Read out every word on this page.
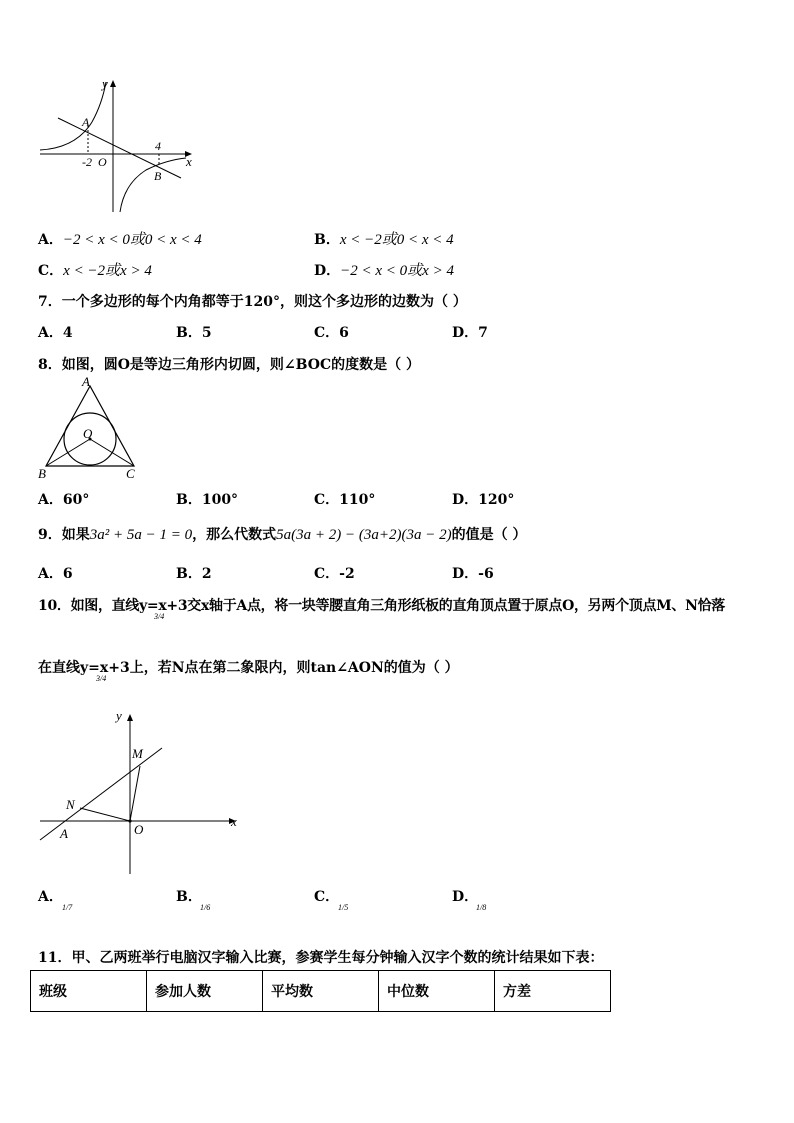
y
x
A
B
O
-2
4
A．−2 < x < 0或0 < x < 4	B．x < −2或0 < x < 4
C．x < −2或x > 4	D．−2 < x < 0或x > 4
7．一个多边形的每个内角都等于120°，则这个多边形的边数为（ ）
A．4	B．5	C．6	D．7
8．如图，圆O是等边三角形内切圆，则∠BOC的度数是（ ）
A
B	C
O
A．60°	B．100°	C．110°	D．120°
9．如果3a² + 5a − 1 = 0，那么代数式5a(3a + 2) − (3a+2)(3a − 2)的值是（ ）
A．6	B．2	C．-2	D．-6
10．如图，直线y=x+3交x轴于A点，将一块等腰直角三角形纸板的直角顶点置于原点O，另两个顶点M、N恰落
3/4
在直线y=x+3上，若N点在第二象限内，则tan∠AON的值为（ ）
3/4
y
x
M
N
A	O
A．
1/7
B．
1/6
C．
1/5
D．
1/8
11．甲、乙两班举行电脑汉字输入比赛，参赛学生每分钟输入汉字个数的统计结果如下表：
班级	参加人数	平均数	中位数	方差
